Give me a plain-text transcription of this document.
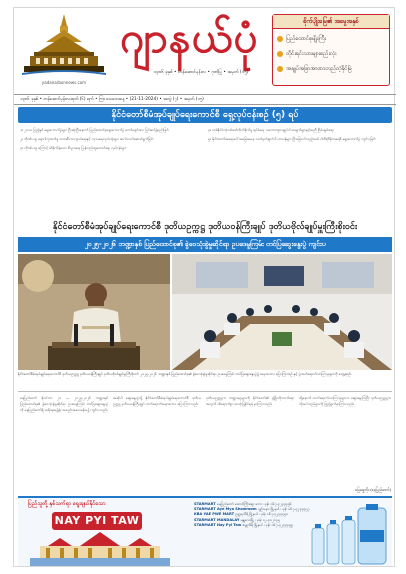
yadanarbonnews.com
ဂျာနယ်ပုံ
၁၃၈၆ ခုနှစ် • တန်ဆောင်မုန်းလ • ဂုဏ်ပြု • အမှတ် (၁၅)
စိုက်ပျိုးမြေ၏ အမွေအနှစ်
ပြည်ထောင်စုမျိုးကြီး
တိုင်းရင်းသားများစည်းလုံး
အချုပ်အခြာအာဏာတည်တံ့ခိုင်မြဲ
၁၃၈၆ ခုနှစ် • တန်ဆောင်မုန်းလဆုတ် (၆) ရက် • ကြာသပတေးနေ့ • (21-11-2024) • အတွဲ (၇) • အမှတ် (၁၅)
နိုင်ငံတော်စီမံအုပ်ချုပ်ရေးကောင်စီ ရှေ့လုပ်ငန်းစဉ် (၅) ရပ်

၁။ ၂၀၁၀ ပြည့်နှစ် ရွေးကောက်ပွဲများ ပြီးဆုံးပြီးနောက် ပြည်ထောင်စုရွေးကောက်ပွဲ ကော်မရှင်အား ပြင်ဆင်ဖွဲ့စည်းခြင်း

၂။ ကိုဗစ်-၁၉ ရောဂါကူးစက်မှု တားဆီးကာကွယ်ရေးနှင့် ကုသရေးလုပ်ငန်းများ ဆက်လက်ဆောင်ရွက်ခြင်း

၃။ ကိုဗစ်-၁၉ ကြောင့် ထိခိုက်ခဲ့သော စီးပွားရေး ပြန်လည်ထူထောင်ရေး လုပ်ငန်းများ

၄။ တစ်နိုင်ငံလုံးပစ်ခတ်တိုက်ခိုက်မှု ရပ်စဲရေး သဘောတူစာချုပ်ပါ အချက်များနှင့်အညီ ငြိမ်းချမ်းရေး

၅။ နိုင်ငံတော်အရေးပေါ်အခြေအနေ သတ်မှတ်ချက်ပါ တာဝန်များ ပြီးမြောက်သည့်အခါ ပါတီစုံဒီမိုကရေစီ ရွေးကောက်ပွဲ ကျင်းပခြင်း

နိုင်ငံတော်စီမံအုပ်ချုပ်ရေးကောင်စီ ဒုတိယဥက္ကဋ္ဌ ဒုတိယဝန်ကြီးချုပ် ဒုတိယဗိုလ်ချုပ်မှူးကြီးစိုးဝင်း
၂၀၂၅-၂၀၂၆ ဘဏ္ဍာနှစ် ပြည်ထောင်စု၏ ခွဲဝေသုံးစွဲမှုဆိုင်ရာ ဥပဒေမူကြမ်း တင်ပြဆွေးနွေးပွဲ ကျင်းပ
နိုင်ငံတော်စီမံအုပ်ချုပ်ရေးကောင်စီ ဒုတိယဥက္ကဋ္ဌ ဒုတိယဝန်ကြီးချုပ် ဒုတိယဗိုလ်ချုပ်မှူးကြီးစိုးဝင်း ၂၀၂၅-၂၀၂၆ ဘဏ္ဍာနှစ် ပြည်ထောင်စု၏ ခွဲဝေသုံးစွဲမှုဆိုင်ရာ ဥပဒေမူကြမ်း တင်ပြဆွေးနွေးပွဲ၌ အမှာစကား ပြောကြားစဉ် နှင့် ပွဲတက်ရောက်လာကြသူများကို တွေ့ရစဉ်။

နေပြည်တော် နိုဝင်ဘာ ၂၀ — ၂၀၂၅-၂၀၂၆ ဘဏ္ဍာနှစ် ပြည်ထောင်စု၏ ခွဲဝေသုံးစွဲမှုဆိုင်ရာ ဥပဒေမူကြမ်း တင်ပြဆွေးနွေးပွဲကို နေပြည်တော်ရှိ အစိုးရအဖွဲ့ရုံး အစည်းအဝေးခန်းမ၌ ကျင်းပသည်။

အဆိုပါ ဆွေးနွေးပွဲသို့ နိုင်ငံတော်စီမံအုပ်ချုပ်ရေးကောင်စီ ဒုတိယဥက္ကဋ္ဌ ဒုတိယဝန်ကြီးချုပ် တက်ရောက်အမှာစကား ပြောကြားသည်။

ဒုတိယဥက္ကဋ္ဌက ဘဏ္ဍာငွေများကို နိုင်ငံတော်၏ ဖွံ့ဖြိုးတိုးတက်ရေးအတွက် ထိရောက်စွာ အသုံးပြုနိုင်ရန် မှာကြားသည်။

ထို့နောက် တက်ရောက်လာကြသူများက ဆွေးနွေးကြပြီး ဒုတိယဥက္ကဋ္ဌက လိုအပ်သည်များကို ဖြည့်စွက်မှာကြားသည်။

မြေရွှေတိုး (နေပြည်တော်)
ပြည်သူတို့ နှစ်သက်ရာ ရွေးချယ်နိုင်သော
NAY PYI TAW
STARMART နေပြည်တော် ထောင်ကြီးစျေး ဘေး ၊ ဖုန်း ၀၆၇-၄၂၃၃၄၅၆
STARMART Aye Mya Showroom ပျဉ်းမနား မြို့နယ် ၊ ဖုန်း ၀၆၇-၄၂၃၃၄၅၇
KBA YAE PWE MART ဥတ္တရသီရိ မြို့နယ် ၊ ဖုန်း ၀၆၇-၄၂၃၃၄၅၈
STARMART MANDALAY မန္တလေးမြို့ ၊ ဖုန်း ၀၂-၄၀၂၁၃၅
STARMART Nay Pyi Taw ဇမ္ဗူသီရိ မြို့နယ် ၊ ဖုန်း ၀၆၇-၄၂၃၃၄၅၉
